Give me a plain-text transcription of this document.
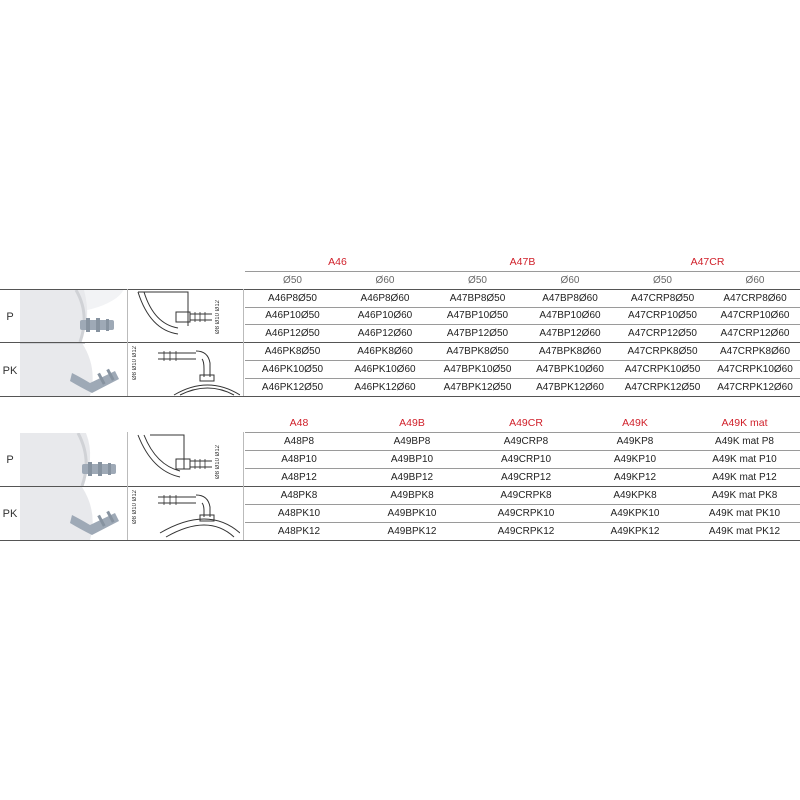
A46	A47B	A47CR
Ø50	Ø60	Ø50	Ø60	Ø50	Ø60
P
PK
Ø8 Ø10 Ø12
Ø8 Ø10 Ø12
A46P8Ø50	A46P8Ø60	A47BP8Ø50	A47BP8Ø60	A47CRP8Ø50	A47CRP8Ø60
A46P10Ø50	A46P10Ø60	A47BP10Ø50	A47BP10Ø60	A47CRP10Ø50	A47CRP10Ø60
A46P12Ø50	A46P12Ø60	A47BP12Ø50	A47BP12Ø60	A47CRP12Ø50	A47CRP12Ø60
A46PK8Ø50	A46PK8Ø60	A47BPK8Ø50	A47BPK8Ø60	A47CRPK8Ø50	A47CRPK8Ø60
A46PK10Ø50	A46PK10Ø60	A47BPK10Ø50	A47BPK10Ø60	A47CRPK10Ø50	A47CRPK10Ø60
A46PK12Ø50	A46PK12Ø60	A47BPK12Ø50	A47BPK12Ø60	A47CRPK12Ø50	A47CRPK12Ø60
A48	A49B	A49CR	A49K	A49K mat
P
PK
Ø8 Ø10 Ø12
Ø8 Ø10 Ø12
A48P8	A49BP8	A49CRP8	A49KP8	A49K mat P8
A48P10	A49BP10	A49CRP10	A49KP10	A49K mat P10
A48P12	A49BP12	A49CRP12	A49KP12	A49K mat P12
A48PK8	A49BPK8	A49CRPK8	A49KPK8	A49K mat PK8
A48PK10	A49BPK10	A49CRPK10	A49KPK10	A49K mat PK10
A48PK12	A49BPK12	A49CRPK12	A49KPK12	A49K mat PK12
